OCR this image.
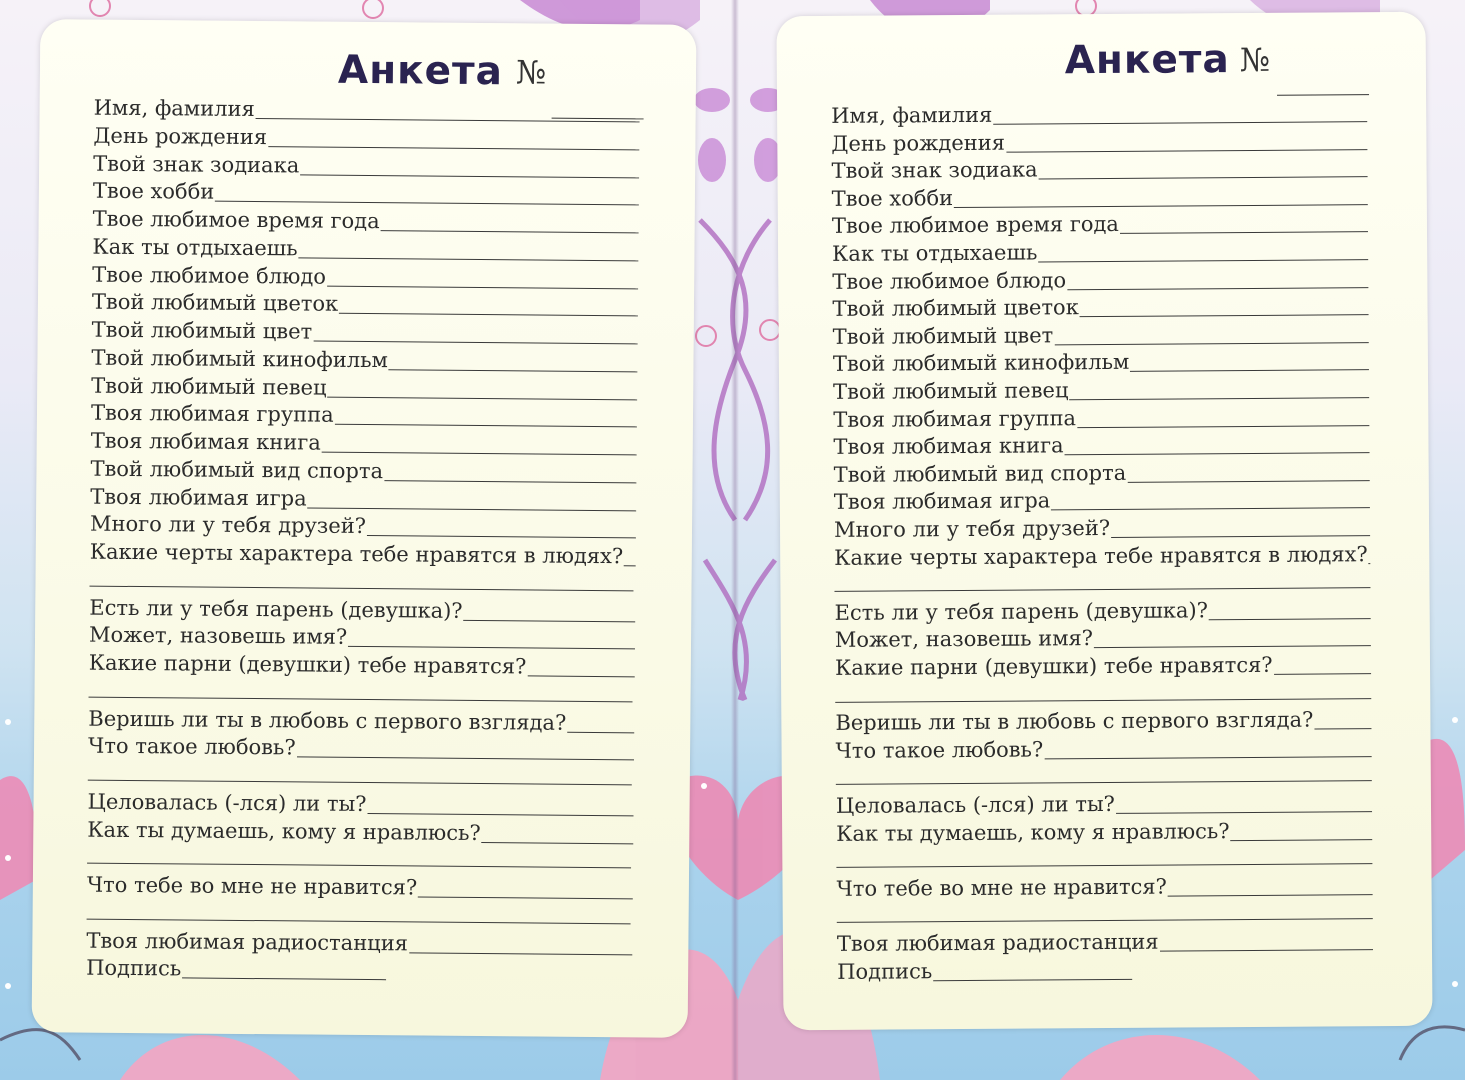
Анкета №
Имя, фамилия
День рождения
Твой знак зодиака
Твое хобби
Твое любимое время года
Как ты отдыхаешь
Твое любимое блюдо
Твой любимый цветок
Твой любимый цвет
Твой любимый кинофильм
Твой любимый певец
Твоя любимая группа
Твоя любимая книга
Твой любимый вид спорта
Твоя любимая игра
Много ли у тебя друзей?
Какие черты характера тебе нравятся в людях?
Есть ли у тебя парень (девушка)?
Может, назовешь имя?
Какие парни (девушки) тебе нравятся?
Веришь ли ты в любовь с первого взгляда?
Что такое любовь?
Целовалась (-лся) ли ты?
Как ты думаешь, кому я нравлюсь?
Что тебе во мне не нравится?
Твоя любимая радиостанция
Подпись
Анкета №
Имя, фамилия
День рождения
Твой знак зодиака
Твое хобби
Твое любимое время года
Как ты отдыхаешь
Твое любимое блюдо
Твой любимый цветок
Твой любимый цвет
Твой любимый кинофильм
Твой любимый певец
Твоя любимая группа
Твоя любимая книга
Твой любимый вид спорта
Твоя любимая игра
Много ли у тебя друзей?
Какие черты характера тебе нравятся в людях?
Есть ли у тебя парень (девушка)?
Может, назовешь имя?
Какие парни (девушки) тебе нравятся?
Веришь ли ты в любовь с первого взгляда?
Что такое любовь?
Целовалась (-лся) ли ты?
Как ты думаешь, кому я нравлюсь?
Что тебе во мне не нравится?
Твоя любимая радиостанция
Подпись
